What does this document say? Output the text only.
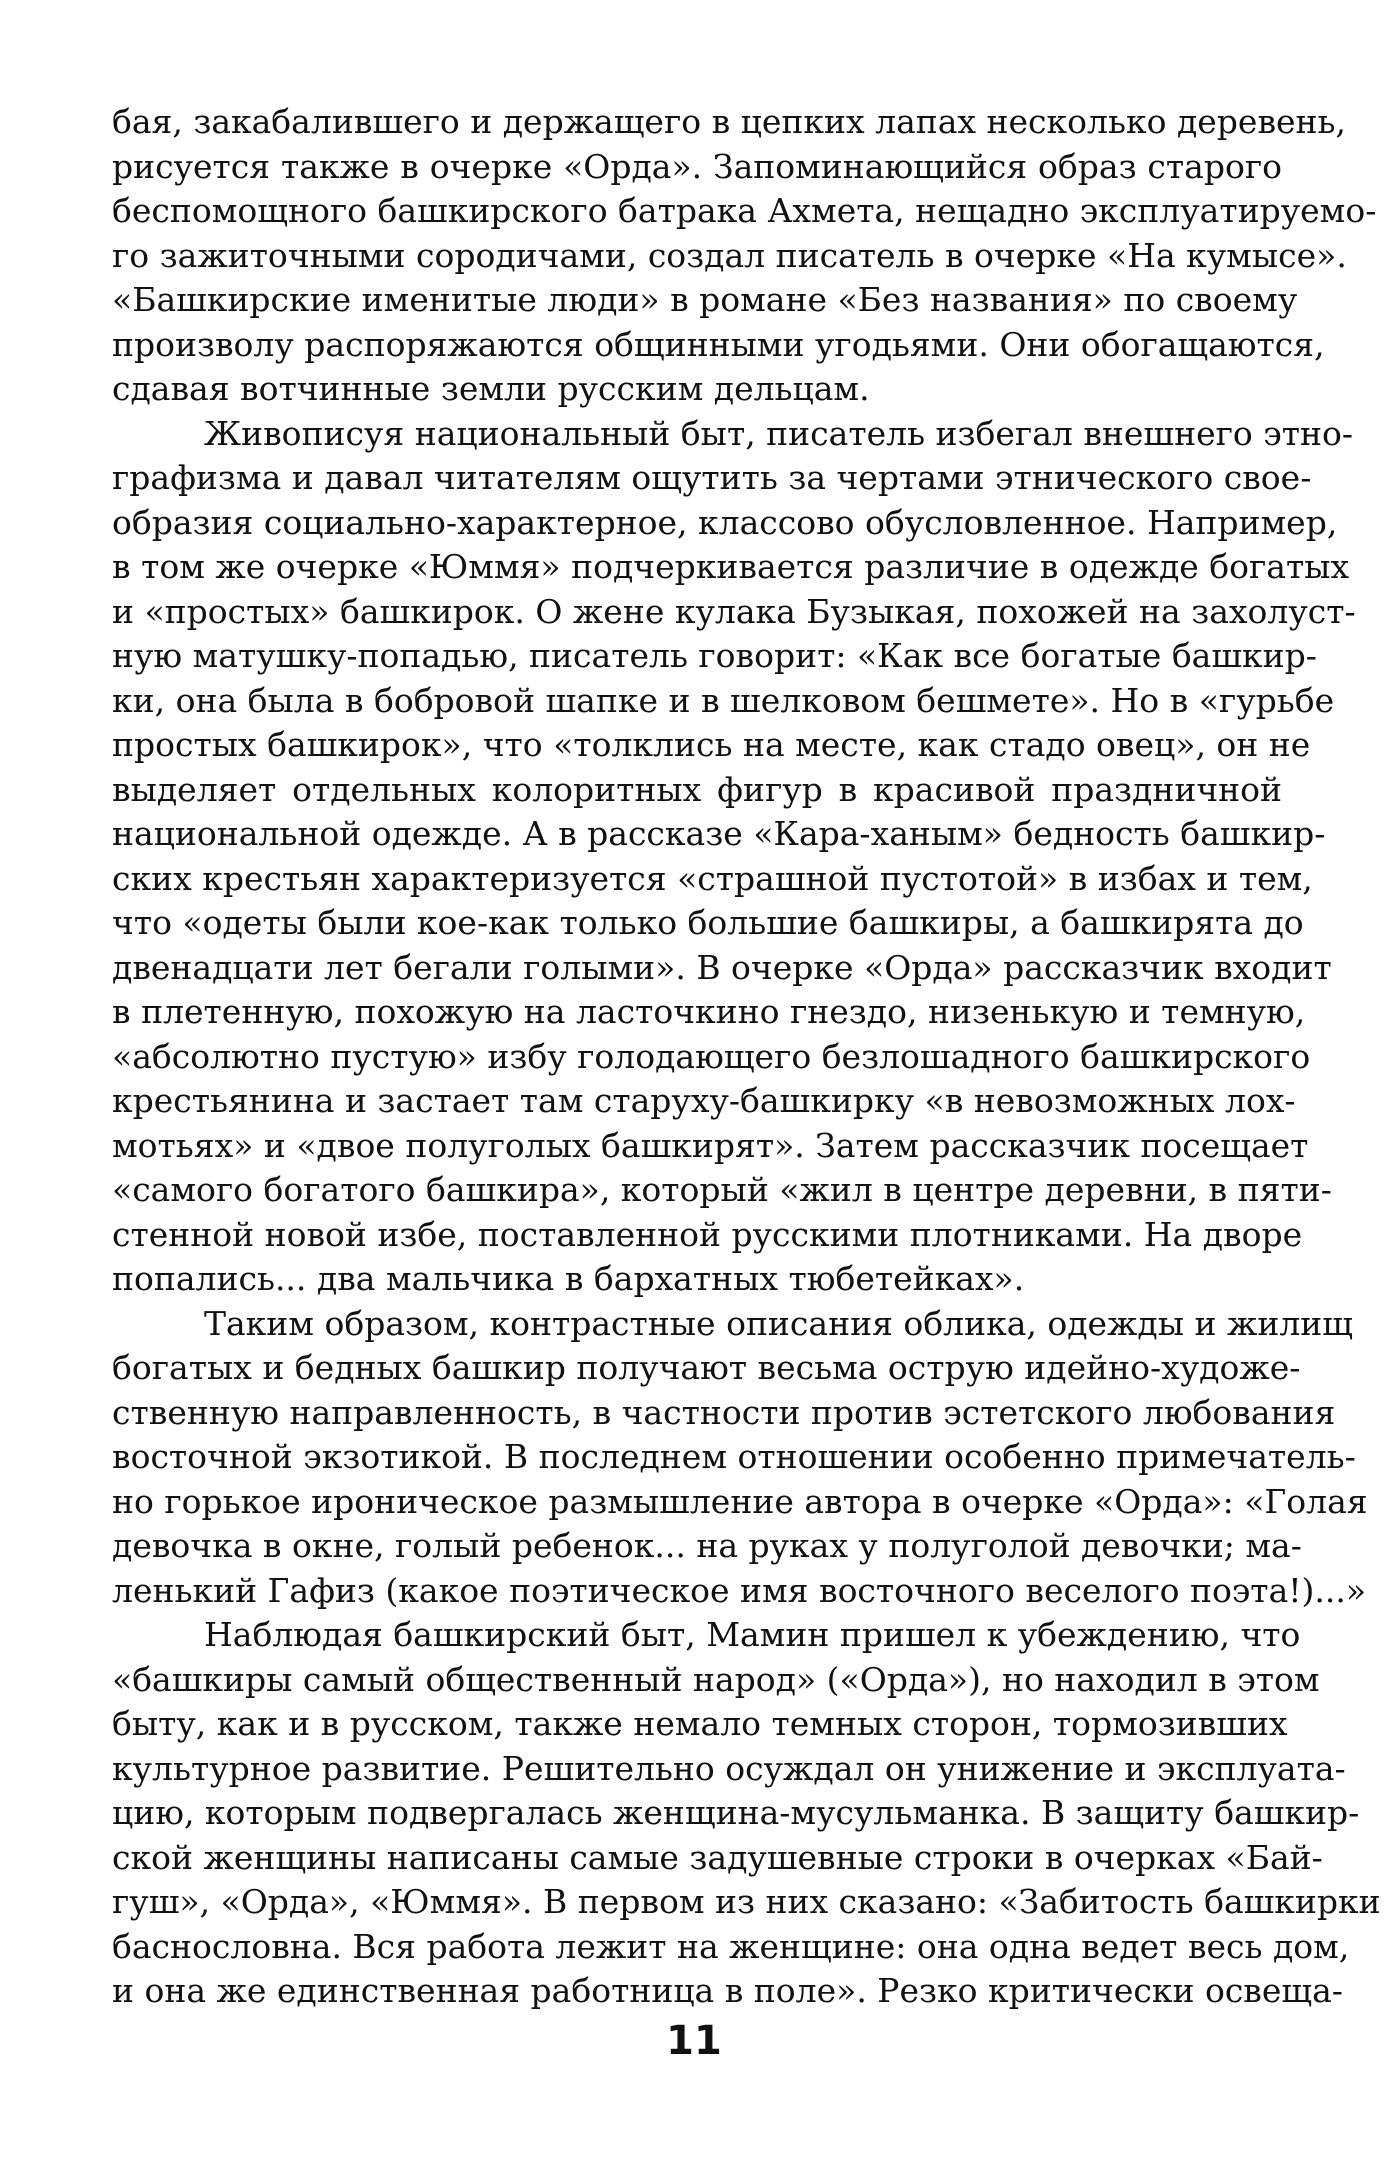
бая, закабалившего и держащего в цепких лапах несколько деревень,
рисуется также в очерке «Орда». Запоминающийся образ старого
беспомощного башкирского батрака Ахмета, нещадно эксплуатируемо-
го зажиточными сородичами, создал писатель в очерке «На кумысе».
«Башкирские именитые люди» в романе «Без названия» по своему
произволу распоряжаются общинными угодьями. Они обогащаются,
сдавая вотчинные земли русским дельцам.
Живописуя национальный быт, писатель избегал внешнего этно-
графизма и давал читателям ощутить за чертами этнического свое-
образия социально-характерное, классово обусловленное. Например,
в том же очерке «Юммя» подчеркивается различие в одежде богатых
и «простых» башкирок. О жене кулака Бузыкая, похожей на захолуст-
ную матушку-попадью, писатель говорит: «Как все богатые башкир-
ки, она была в бобровой шапке и в шелковом бешмете». Но в «гурьбе
простых башкирок», что «толклись на месте, как стадо овец», он не
выделяет отдельных колоритных фигур в красивой праздничной
национальной одежде. А в рассказе «Кара-ханым» бедность башкир-
ских крестьян характеризуется «страшной пустотой» в избах и тем,
что «одеты были кое-как только большие башкиры, а башкирята до
двенадцати лет бегали голыми». В очерке «Орда» рассказчик входит
в плетенную, похожую на ласточкино гнездо, низенькую и темную,
«абсолютно пустую» избу голодающего безлошадного башкирского
крестьянина и застает там старуху-башкирку «в невозможных лох-
мотьях» и «двое полуголых башкирят». Затем рассказчик посещает
«самого богатого башкира», который «жил в центре деревни, в пяти-
стенной новой избе, поставленной русскими плотниками. На дворе
попались... два мальчика в бархатных тюбетейках».
Таким образом, контрастные описания облика, одежды и жилищ
богатых и бедных башкир получают весьма острую идейно-художе-
ственную направленность, в частности против эстетского любования
восточной экзотикой. В последнем отношении особенно примечатель-
но горькое ироническое размышление автора в очерке «Орда»: «Голая
девочка в окне, голый ребенок... на руках у полуголой девочки; ма-
ленький Гафиз (какое поэтическое имя восточного веселого поэта!)...»
Наблюдая башкирский быт, Мамин пришел к убеждению, что
«башкиры самый общественный народ» («Орда»), но находил в этом
быту, как и в русском, также немало темных сторон, тормозивших
культурное развитие. Решительно осуждал он унижение и эксплуата-
цию, которым подвергалась женщина-мусульманка. В защиту башкир-
ской женщины написаны самые задушевные строки в очерках «Бай-
гуш», «Орда», «Юммя». В первом из них сказано: «Забитость башкирки
баснословна. Вся работа лежит на женщине: она одна ведет весь дом,
и она же единственная работница в поле». Резко критически освеща-
11
